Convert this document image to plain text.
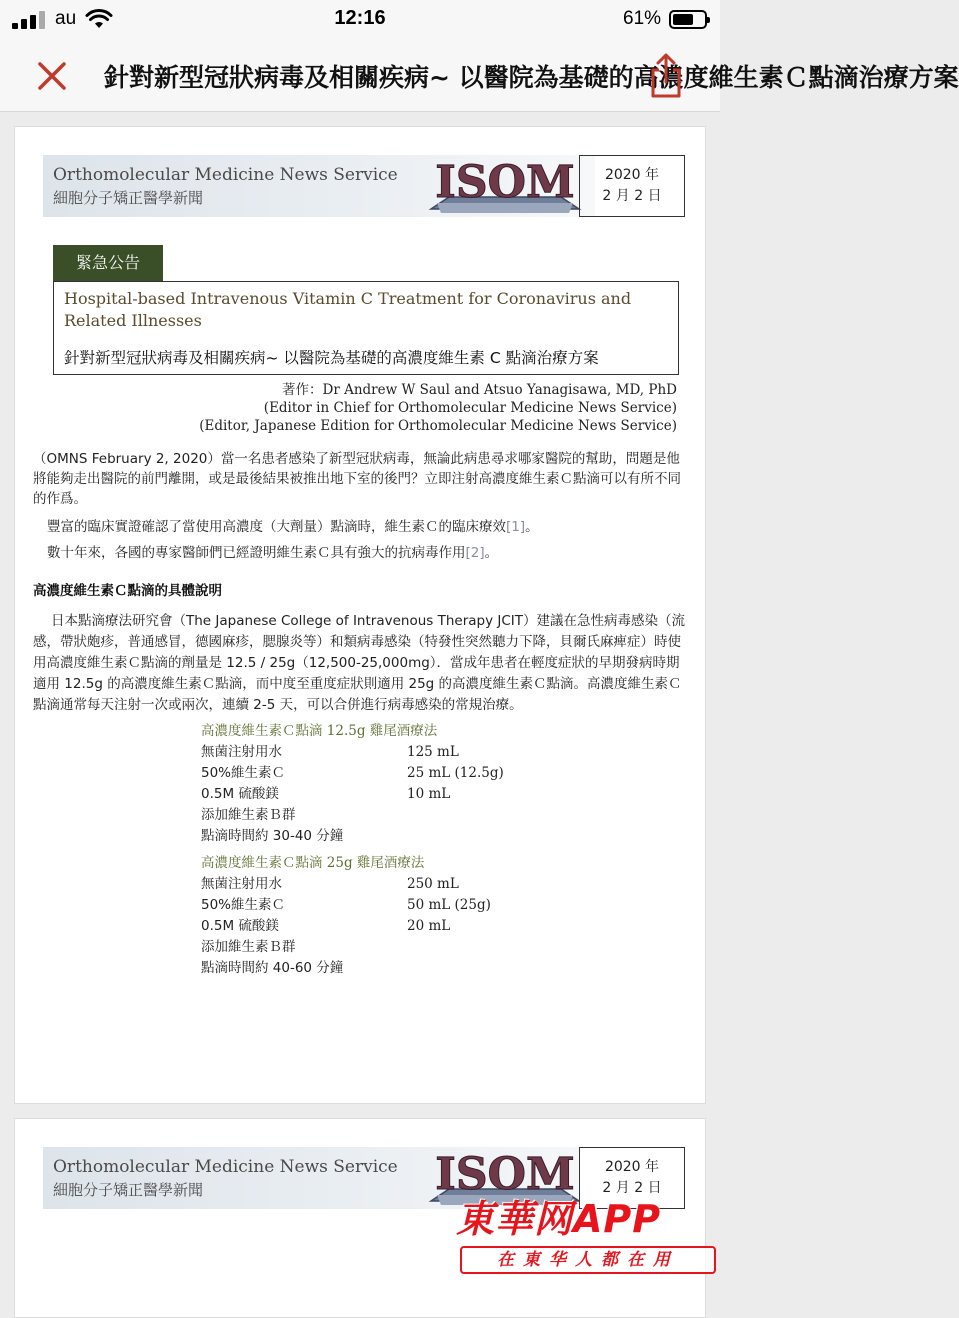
au	12:16	61%
針對新型冠狀病毒及相關疾病~ 以醫院為基礎的高濃度維生素Ｃ點滴治療方案
Orthomolecular Medicine News Service
細胞分子矯正醫學新聞	ISOM	2020 年
2 月 2 日
緊急公告
Hospital-based Intravenous Vitamin C Treatment for Coronavirus and Related Illnesses
針對新型冠狀病毒及相關疾病~ 以醫院為基礎的高濃度維生素 C 點滴治療方案
著作：Dr Andrew W Saul and Atsuo Yanagisawa, MD, PhD
(Editor in Chief for Orthomolecular Medicine News Service)
(Editor, Japanese Edition for Orthomolecular Medicine News Service)
（OMNS February 2, 2020）當一名患者感染了新型冠狀病毒，無論此病患尋求哪家醫院的幫助，問題是他將能夠走出醫院的前門離開，或是最後結果被推出地下室的後門？立即注射高濃度維生素Ｃ點滴可以有所不同的作爲。
豐富的臨床實證確認了當使用高濃度（大劑量）點滴時，維生素Ｃ的臨床療效[1]。
數十年來，各國的專家醫師們已經證明維生素Ｃ具有強大的抗病毒作用[2]。
高濃度維生素Ｃ點滴的具體說明
日本點滴療法研究會（The Japanese College of Intravenous Therapy JCIT）建議在急性病毒感染（流感，帶狀皰疹，普通感冒，德國麻疹，腮腺炎等）和類病毒感染（特發性突然聽力下降，貝爾氏麻痺症）時使用高濃度維生素Ｃ點滴的劑量是 12.5 / 25g（12,500-25,000mg）．當成年患者在輕度症狀的早期發病時期適用 12.5g 的高濃度維生素Ｃ點滴，而中度至重度症狀則適用 25g 的高濃度維生素Ｃ點滴。高濃度維生素Ｃ點滴通常每天注射一次或兩次，連續 2-5 天，可以合併進行病毒感染的常規治療。
高濃度維生素Ｃ點滴 12.5g 雞尾酒療法
無菌注射用水	125 mL
50%維生素Ｃ	25 mL (12.5g)
0.5M 硫酸鎂	10 mL
添加維生素Ｂ群
點滴時間約 30-40 分鐘
高濃度維生素Ｃ點滴 25g 雞尾酒療法
無菌注射用水	250 mL
50%維生素Ｃ	50 mL (25g)
0.5M 硫酸鎂	20 mL
添加維生素Ｂ群
點滴時間約 40-60 分鐘
Orthomolecular Medicine News Service
細胞分子矯正醫學新聞	ISOM	2020 年
2 月 2 日
東華网APP
在東华人都在用
